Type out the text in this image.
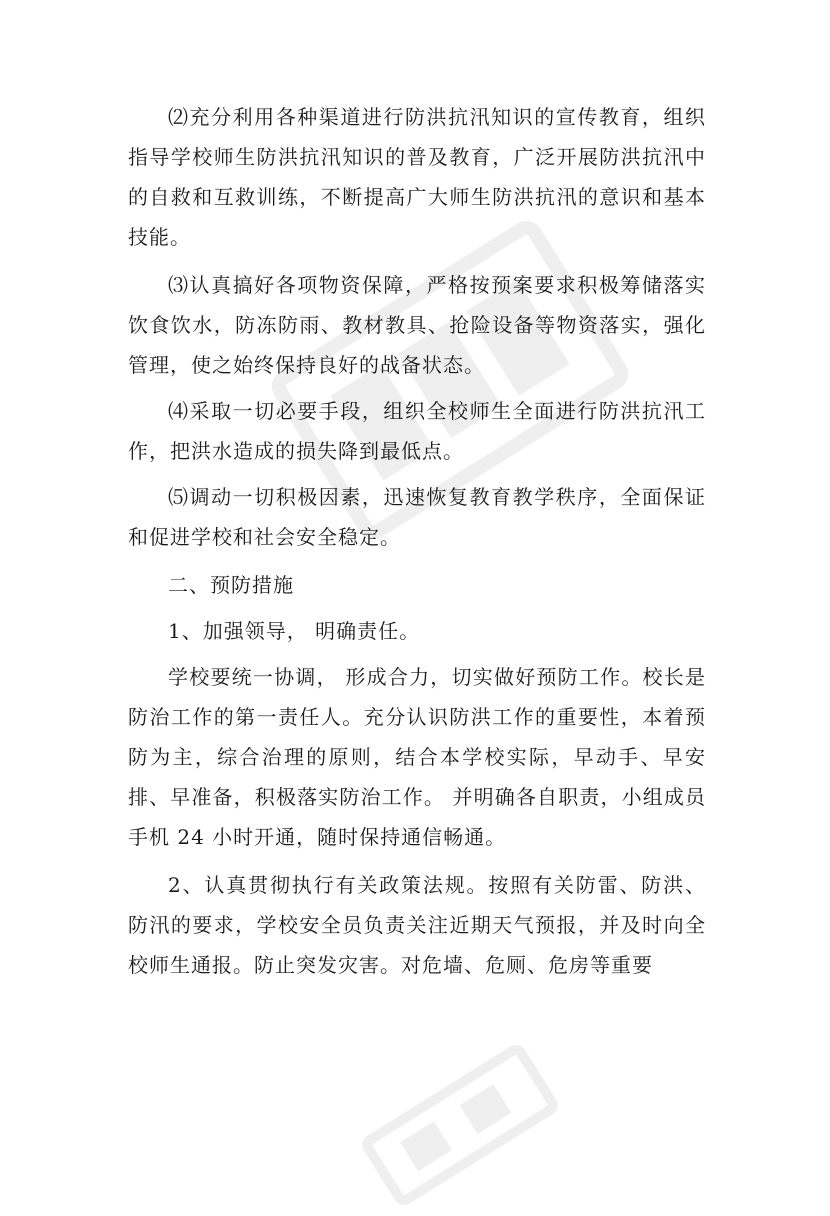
⑵充分利用各种渠道进行防洪抗汛知识的宣传教育，组织指导学校师生防洪抗汛知识的普及教育，广泛开展防洪抗汛中的自救和互救训练，不断提高广大师生防洪抗汛的意识和基本技能。

⑶认真搞好各项物资保障，严格按预案要求积极筹储落实饮食饮水，防冻防雨、教材教具、抢险设备等物资落实，强化管理，使之始终保持良好的战备状态。

⑷采取一切必要手段，组织全校师生全面进行防洪抗汛工作，把洪水造成的损失降到最低点。

⑸调动一切积极因素，迅速恢复教育教学秩序，全面保证和促进学校和社会安全稳定。

二、预防措施

1、加强领导， 明确责任。

学校要统一协调， 形成合力，切实做好预防工作。校长是防治工作的第一责任人。充分认识防洪工作的重要性，本着预防为主，综合治理的原则，结合本学校实际，早动手、早安排、早准备，积极落实防治工作。 并明确各自职责，小组成员手机 24 小时开通，随时保持通信畅通。

2、认真贯彻执行有关政策法规。按照有关防雷、防洪、防汛的要求，学校安全员负责关注近期天气预报，并及时向全校师生通报。防止突发灾害。对危墙、危厕、危房等重要
